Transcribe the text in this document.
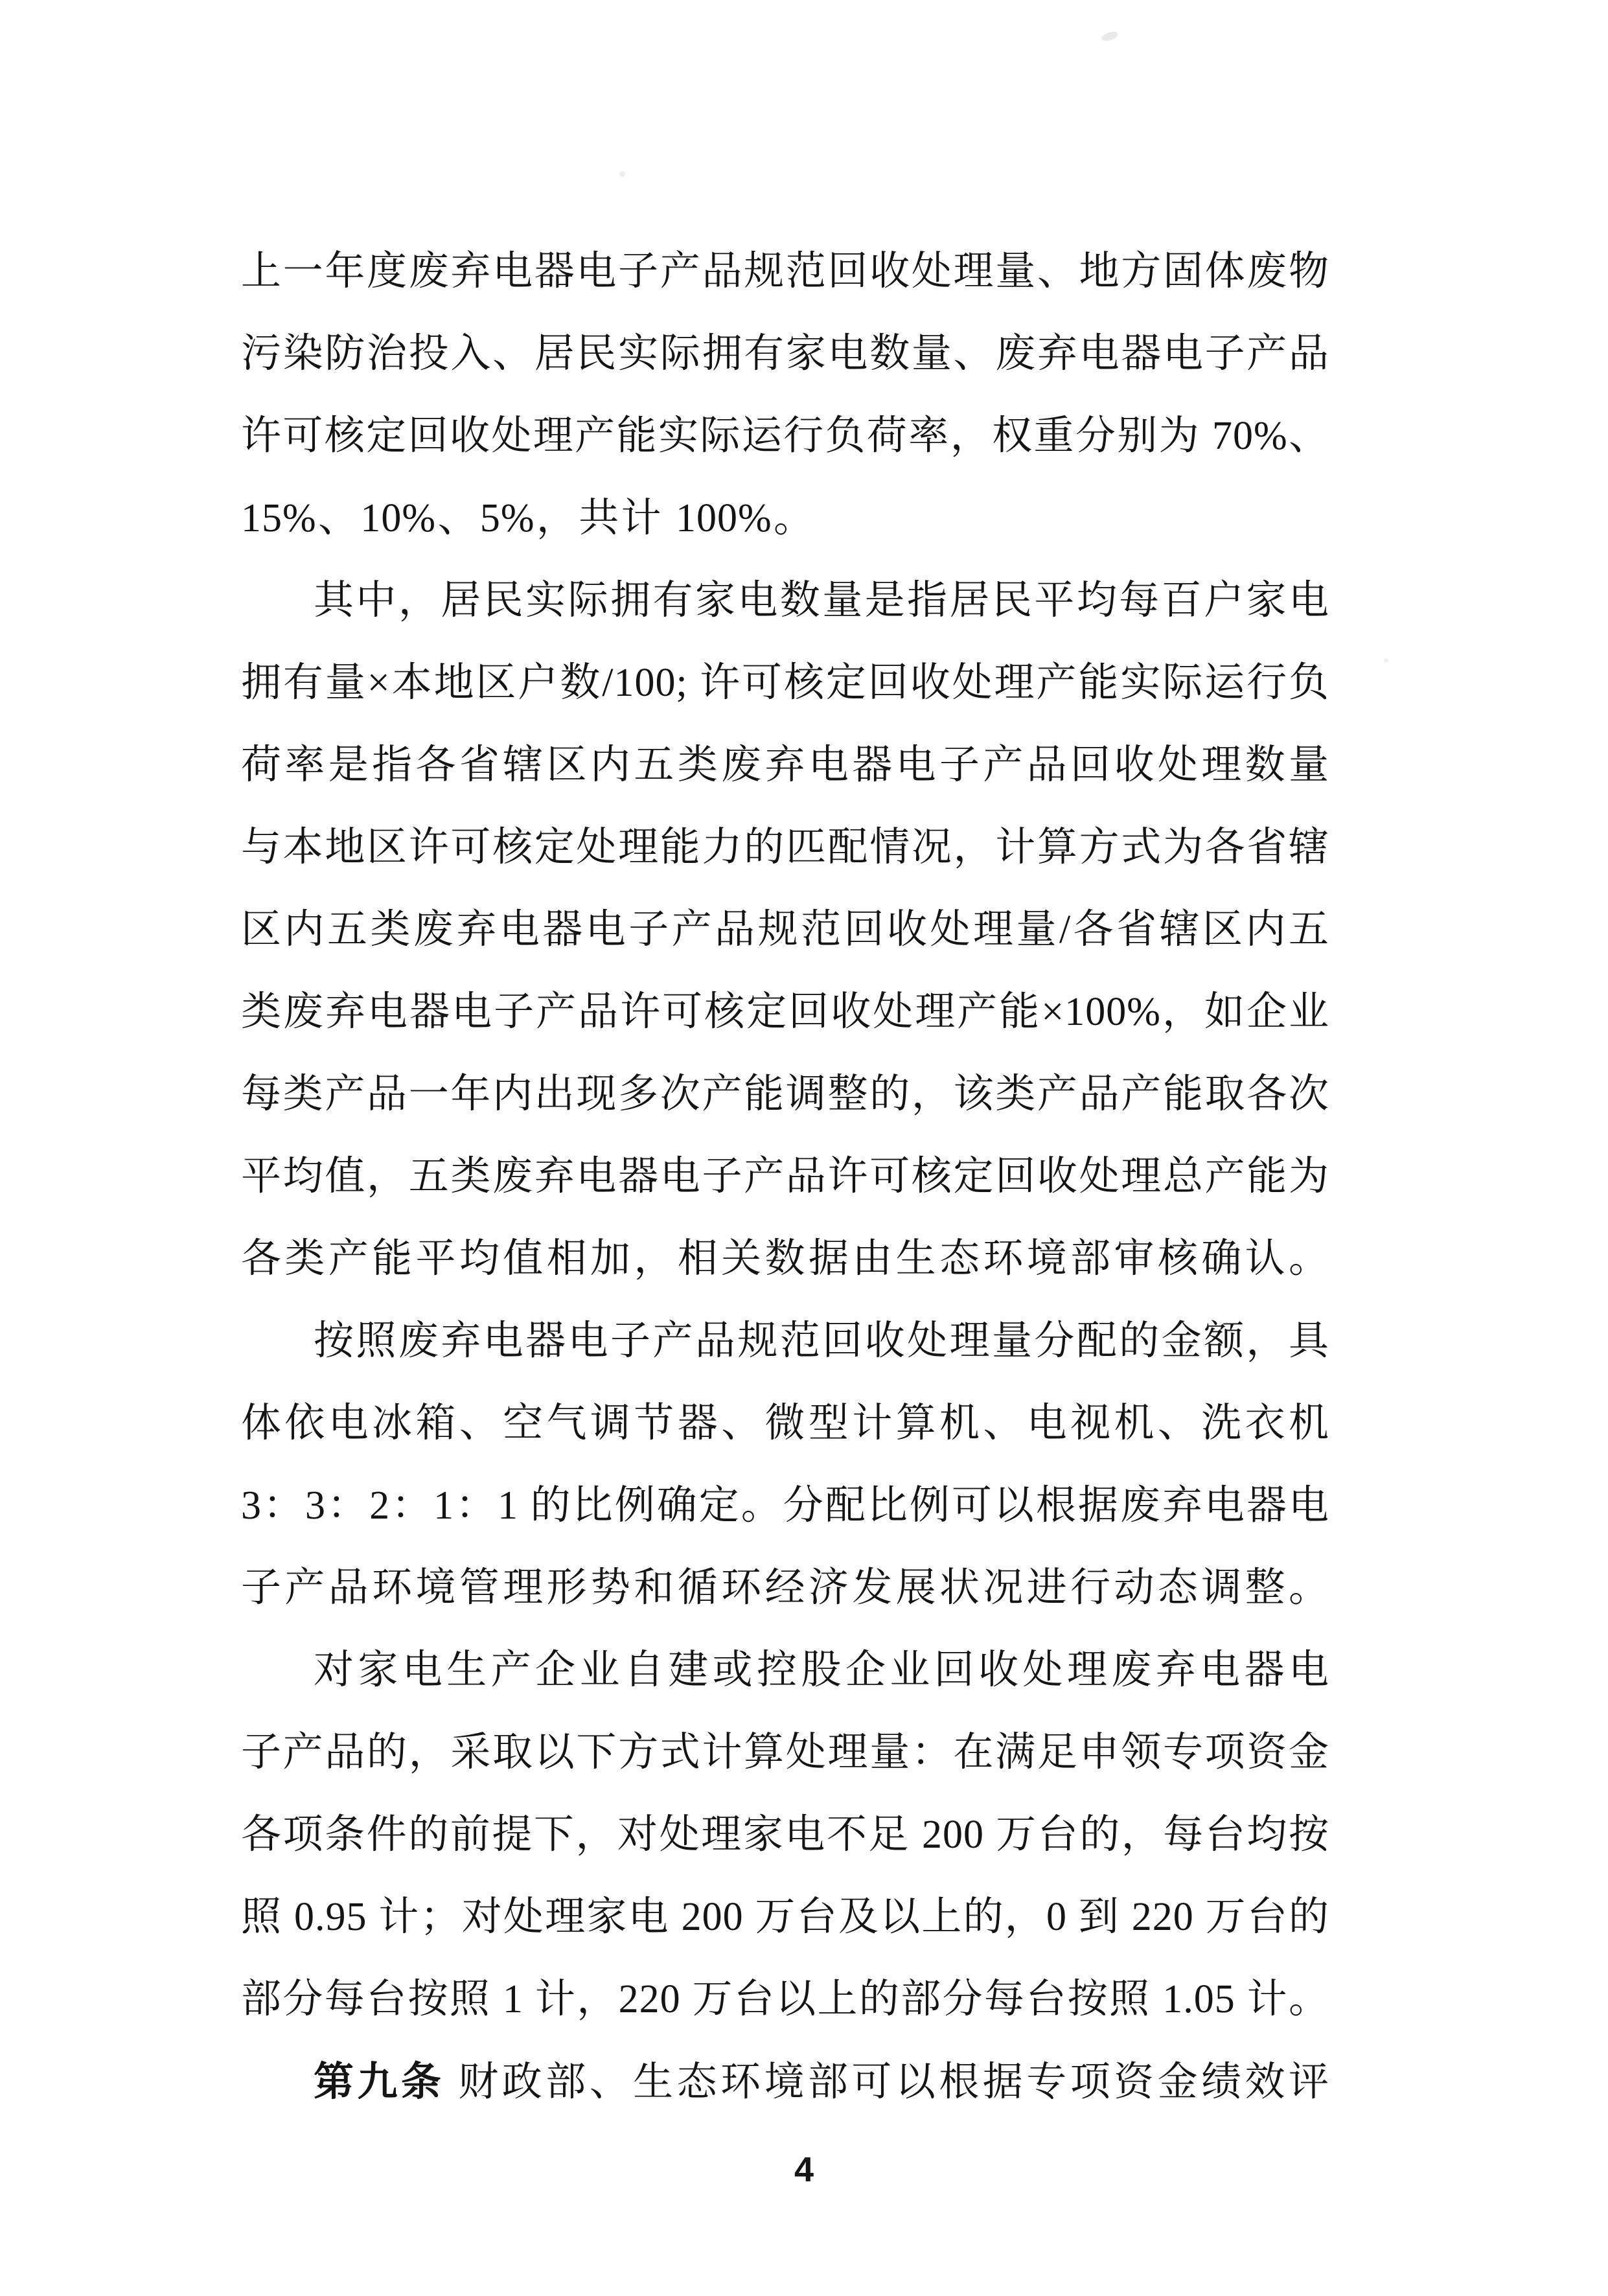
上一年度废弃电器电子产品规范回收处理量、地方固体废物
污染防治投入、居民实际拥有家电数量、废弃电器电子产品
许可核定回收处理产能实际运行负荷率，权重分别为 70%、
15%、10%、5%，共计 100%。
其中，居民实际拥有家电数量是指居民平均每百户家电
拥有量×本地区户数/100; 许可核定回收处理产能实际运行负
荷率是指各省辖区内五类废弃电器电子产品回收处理数量
与本地区许可核定处理能力的匹配情况，计算方式为各省辖
区内五类废弃电器电子产品规范回收处理量/各省辖区内五
类废弃电器电子产品许可核定回收处理产能×100%，如企业
每类产品一年内出现多次产能调整的，该类产品产能取各次
平均值，五类废弃电器电子产品许可核定回收处理总产能为
各类产能平均值相加，相关数据由生态环境部审核确认。
按照废弃电器电子产品规范回收处理量分配的金额，具
体依电冰箱、空气调节器、微型计算机、电视机、洗衣机
3：3：2：1：1 的比例确定。分配比例可以根据废弃电器电
子产品环境管理形势和循环经济发展状况进行动态调整。
对家电生产企业自建或控股企业回收处理废弃电器电
子产品的，采取以下方式计算处理量：在满足申领专项资金
各项条件的前提下，对处理家电不足 200 万台的，每台均按
照 0.95 计；对处理家电 200 万台及以上的，0 到 220 万台的
部分每台按照 1 计，220 万台以上的部分每台按照 1.05 计。
第九条 财政部、生态环境部可以根据专项资金绩效评
4
